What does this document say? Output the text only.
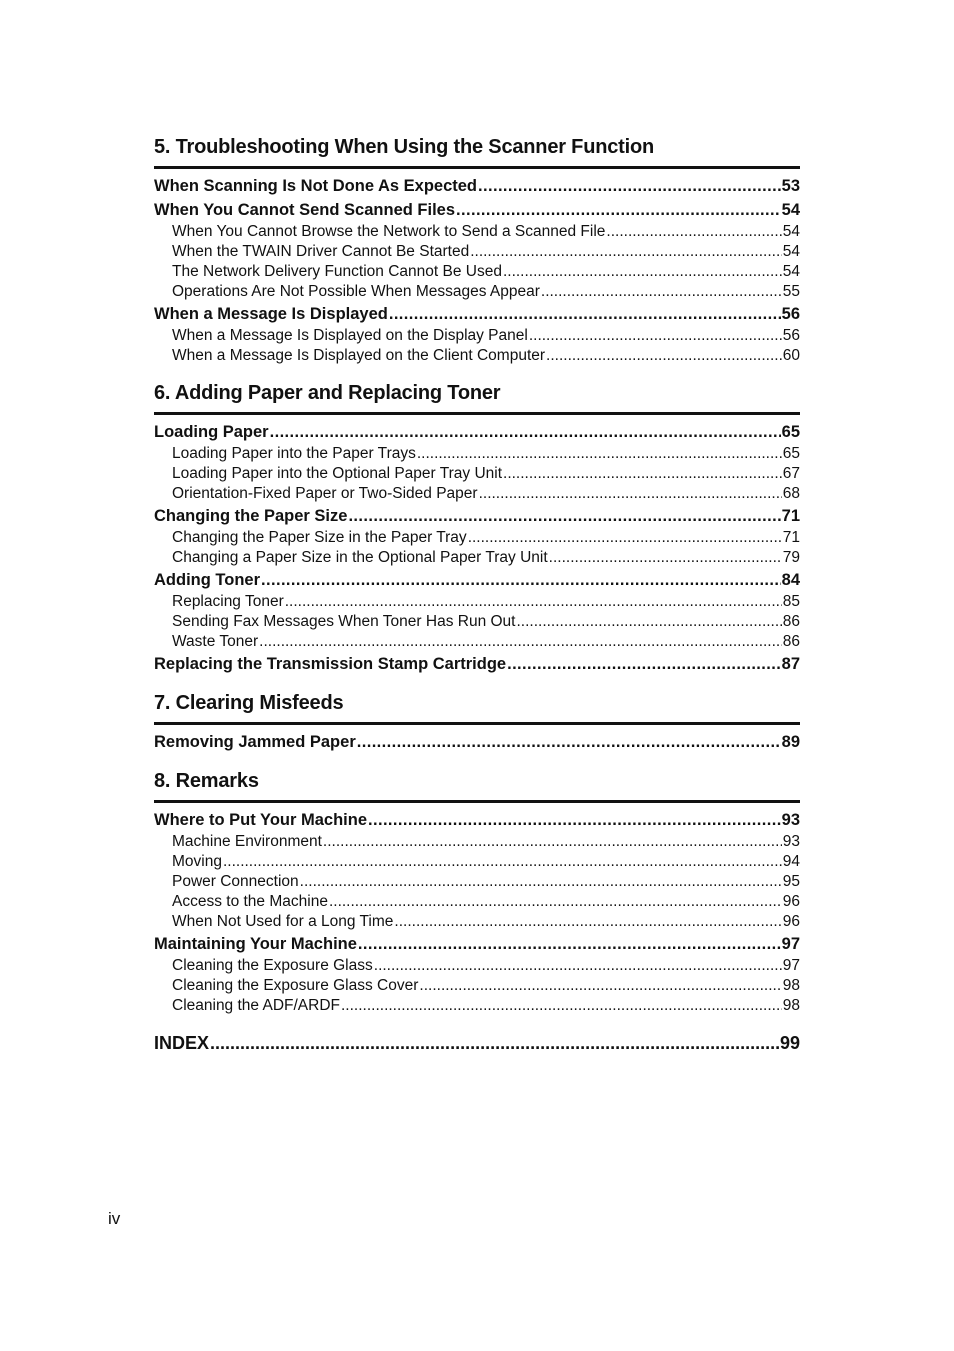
5. Troubleshooting When Using the Scanner Function
When Scanning Is Not Done As Expected .....	53
When You Cannot Send Scanned Files .....	54
When You Cannot Browse the Network to Send a Scanned File .....	54
When the TWAIN Driver Cannot Be Started .....	54
The Network Delivery Function Cannot Be Used .....	54
Operations Are Not Possible When Messages Appear .....	55
When a Message Is Displayed .....	56
When a Message Is Displayed on the Display Panel .....	56
When a Message Is Displayed on the Client Computer .....	60
6. Adding Paper and Replacing Toner
Loading Paper .....	65
Loading Paper into the Paper Trays .....	65
Loading Paper into the Optional Paper Tray Unit .....	67
Orientation-Fixed Paper or Two-Sided Paper .....	68
Changing the Paper Size .....	71
Changing the Paper Size in the Paper Tray .....	71
Changing a Paper Size in the Optional Paper Tray Unit .....	79
Adding Toner .....	84
Replacing Toner .....	85
Sending Fax Messages When Toner Has Run Out .....	86
Waste Toner .....	86
Replacing the Transmission Stamp Cartridge .....	87
7. Clearing Misfeeds
Removing Jammed Paper .....	89
8. Remarks
Where to Put Your Machine .....	93
Machine Environment .....	93
Moving .....	94
Power Connection .....	95
Access to the Machine .....	96
When Not Used for a Long Time .....	96
Maintaining Your Machine .....	97
Cleaning the Exposure Glass .....	97
Cleaning the Exposure Glass Cover .....	98
Cleaning the ADF/ARDF .....	98
INDEX .....	99
iv
